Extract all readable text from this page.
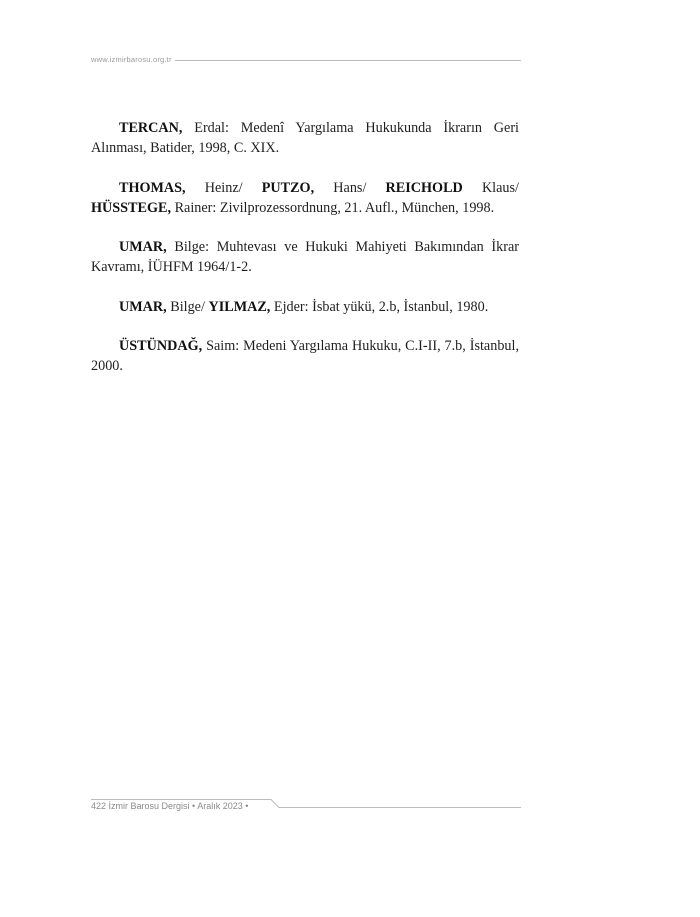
www.izmirbarosu.org.tr

TERCAN, Erdal: Medenî Yargılama Hukukunda İkrarın Geri Alınması, Batider, 1998, C. XIX.

THOMAS, Heinz/ PUTZO, Hans/ REICHOLD Klaus/ HÜSSTEGE, Rainer: Zivilprozessordnung, 21. Aufl., München, 1998.

UMAR, Bilge: Muhtevası ve Hukuki Mahiyeti Bakımından İkrar Kavramı, İÜHFM 1964/1-2.

UMAR, Bilge/ YILMAZ, Ejder: İsbat yükü, 2.b, İstanbul, 1980.

ÜSTÜNDAĞ, Saim: Medeni Yargılama Hukuku, C.I-II, 7.b, İstanbul, 2000.

422 İzmir Barosu Dergisi • Aralık 2023 •
